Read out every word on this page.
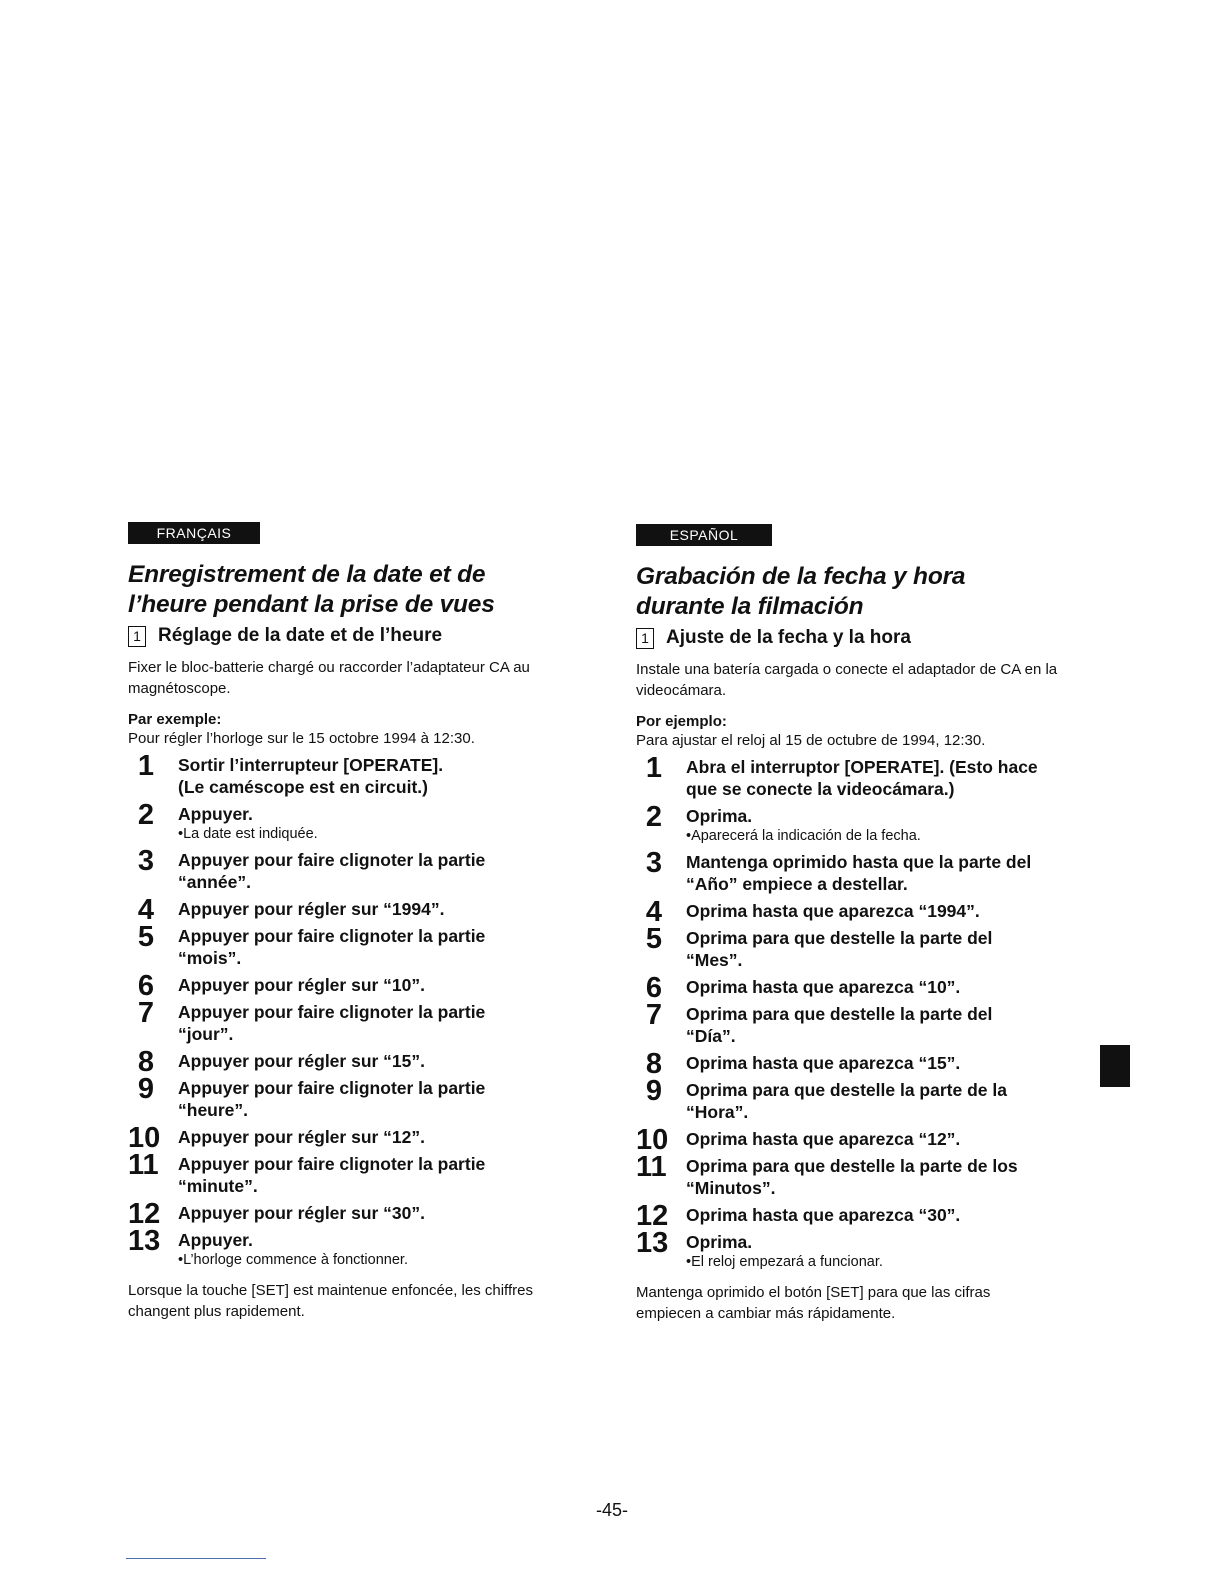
FRANÇAIS
Enregistrement de la date et de
l’heure pendant la prise de vues
1 Réglage de la date et de l’heure

Fixer le bloc-batterie chargé ou raccorder l’adaptateur CA au magnétoscope.

Par exemple:

Pour régler l’horloge sur le 15 octobre 1994 à 12:30.

1	Sortir l’interrupteur [OPERATE].
(Le caméscope est en circuit.)
2	Appuyer.
•La date est indiquée.
3	Appuyer pour faire clignoter la partie
“année”.
4	Appuyer pour régler sur “1994”.
5	Appuyer pour faire clignoter la partie
“mois”.
6	Appuyer pour régler sur “10”.
7	Appuyer pour faire clignoter la partie
“jour”.
8	Appuyer pour régler sur “15”.
9	Appuyer pour faire clignoter la partie
“heure”.
10	Appuyer pour régler sur “12”.
11	Appuyer pour faire clignoter la partie
“minute”.
12	Appuyer pour régler sur “30”.
13	Appuyer.
•L’horloge commence à fonctionner.

Lorsque la touche [SET] est maintenue enfoncée, les chiffres changent plus rapidement.

ESPAÑOL
Grabación de la fecha y hora
durante la filmación
1 Ajuste de la fecha y la hora

Instale una batería cargada o conecte el adaptador de CA en la videocámara.

Por ejemplo:

Para ajustar el reloj al 15 de octubre de 1994, 12:30.

1	Abra el interruptor [OPERATE]. (Esto hace
que se conecte la videocámara.)
2	Oprima.
•Aparecerá la indicación de la fecha.
3	Mantenga oprimido hasta que la parte del
“Año” empiece a destellar.
4	Oprima hasta que aparezca “1994”.
5	Oprima para que destelle la parte del
“Mes”.
6	Oprima hasta que aparezca “10”.
7	Oprima para que destelle la parte del
“Día”.
8	Oprima hasta que aparezca “15”.
9	Oprima para que destelle la parte de la
“Hora”.
10	Oprima hasta que aparezca “12”.
11	Oprima para que destelle la parte de los
“Minutos”.
12	Oprima hasta que aparezca “30”.
13	Oprima.
•El reloj empezará a funcionar.

Mantenga oprimido el botón [SET] para que las cifras empiecen a cambiar más rápidamente.

-45-
